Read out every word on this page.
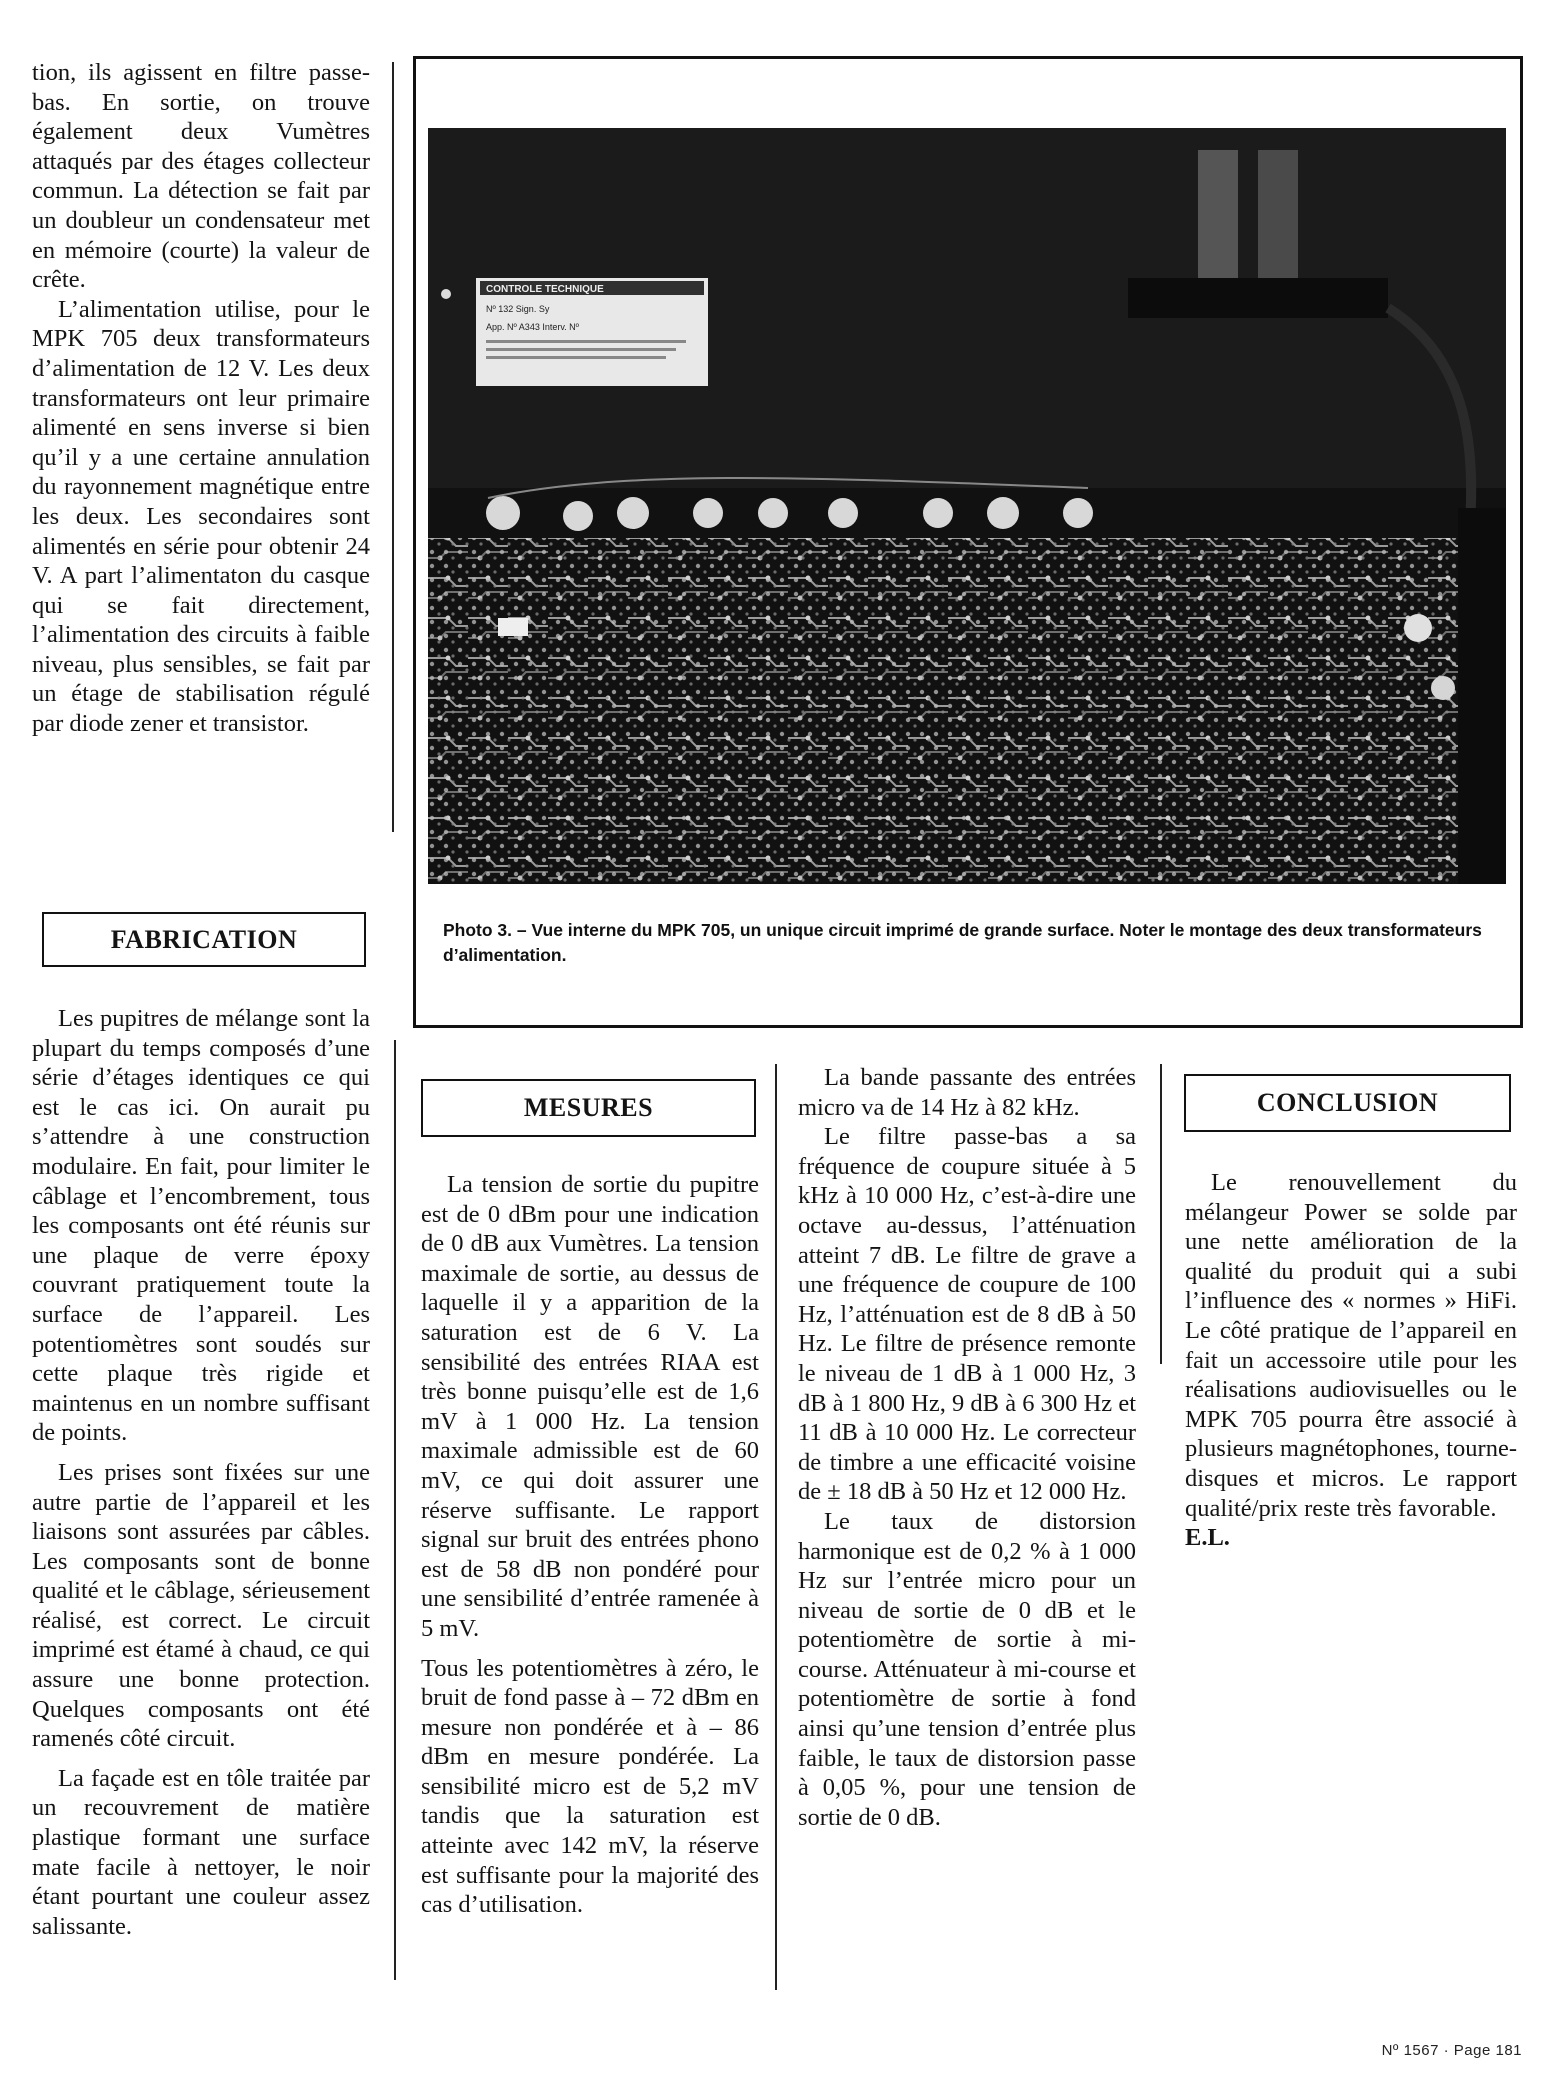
tion, ils agissent en filtre passe-bas. En sortie, on trouve également deux Vumètres attaqués par des étages collecteur commun. La détection se fait par un doubleur un condensateur met en mémoire (courte) la valeur de crête.

L’alimentation utilise, pour le MPK 705 deux transformateurs d’alimentation de 12 V. Les deux transformateurs ont leur primaire alimenté en sens inverse si bien qu’il y a une certaine annulation du rayonnement magnétique entre les deux. Les secondaires sont alimentés en série pour obtenir 24 V. A part l’alimentaton du casque qui se fait directement, l’alimentation des circuits à faible niveau, plus sensibles, se fait par un étage de stabilisation régulé par diode zener et transistor.

FABRICATION

Les pupitres de mélange sont la plupart du temps composés d’une série d’étages identiques ce qui est le cas ici. On aurait pu s’attendre à une construction modulaire. En fait, pour limiter le câblage et l’encombrement, tous les composants ont été réunis sur une plaque de verre époxy couvrant pratiquement toute la surface de l’appareil. Les potentiomètres sont soudés sur cette plaque très rigide et maintenus en un nombre suffisant de points.

Les prises sont fixées sur une autre partie de l’appareil et les liaisons sont assurées par câbles. Les composants sont de bonne qualité et le câblage, sérieusement réalisé, est correct. Le circuit imprimé est étamé à chaud, ce qui assure une bonne protection. Quelques composants ont été ramenés côté circuit.

La façade est en tôle traitée par un recouvrement de matière plastique formant une surface mate facile à nettoyer, le noir étant pourtant une couleur assez salissante.

CONTROLE TECHNIQUE
Nº 132 Sign. Sy
App. Nº A343 Interv. Nº
Photo 3. – Vue interne du MPK 705, un unique circuit imprimé de grande surface. Noter le montage des deux transformateurs d’alimentation.
MESURES

La tension de sortie du pupitre est de 0 dBm pour une indication de 0 dB aux Vumètres. La tension maximale de sortie, au dessus de laquelle il y a apparition de la saturation est de 6 V. La sensibilité des entrées RIAA est très bonne puisqu’elle est de 1,6 mV à 1 000 Hz. La tension maximale admissible est de 60 mV, ce qui doit assurer une réserve suffisante. Le rapport signal sur bruit des entrées phono est de 58 dB non pondéré pour une sensibilité d’entrée ramenée à 5 mV.

Tous les potentiomètres à zéro, le bruit de fond passe à – 72 dBm en mesure non pondérée et à – 86 dBm en mesure pondérée. La sensibilité micro est de 5,2 mV tandis que la saturation est atteinte avec 142 mV, la réserve est suffisante pour la majorité des cas d’utilisation.

La bande passante des entrées micro va de 14 Hz à 82 kHz.

Le filtre passe-bas a sa fréquence de coupure située à 5 kHz à 10 000 Hz, c’est-à-dire une octave au-dessus, l’atténuation atteint 7 dB. Le filtre de grave a une fréquence de coupure de 100 Hz, l’atténuation est de 8 dB à 50 Hz. Le filtre de présence remonte le niveau de 1 dB à 1 000 Hz, 3 dB à 1 800 Hz, 9 dB à 6 300 Hz et 11 dB à 10 000 Hz. Le correcteur de timbre a une efficacité voisine de ± 18 dB à 50 Hz et 12 000 Hz.

Le taux de distorsion harmonique est de 0,2 % à 1 000 Hz sur l’entrée micro pour un niveau de sortie de 0 dB et le potentiomètre de sortie à mi-course. Atténuateur à mi-course et potentiomètre de sortie à fond ainsi qu’une tension d’entrée plus faible, le taux de distorsion passe à 0,05 %, pour une tension de sortie de 0 dB.

CONCLUSION

Le renouvellement du mélangeur Power se solde par une nette amélioration de la qualité du produit qui a subi l’influence des « normes » HiFi. Le côté pratique de l’appareil en fait un accessoire utile pour les réalisations audiovisuelles ou le MPK 705 pourra être associé à plusieurs magnétophones, tourne-disques et micros. Le rapport qualité/prix reste très favorable.

E.L.

Nº 1567 · Page 181
